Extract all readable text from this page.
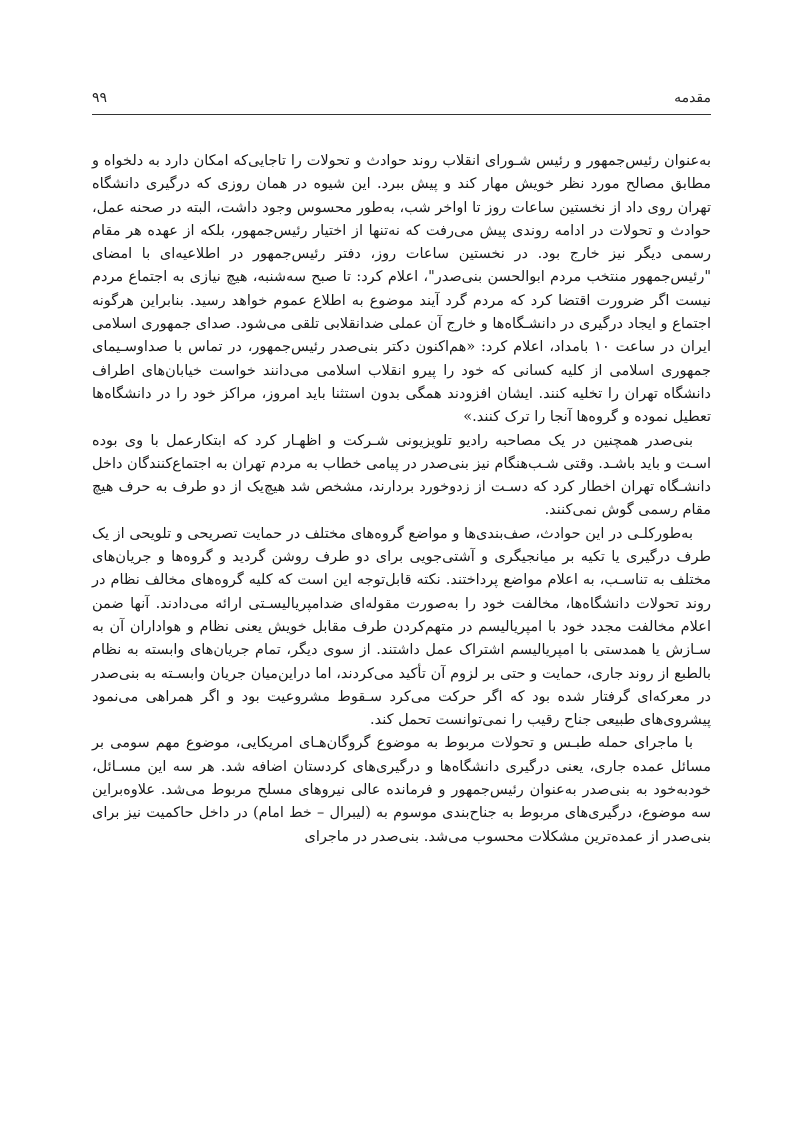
مقدمه
۹۹

به‌عنوان رئیس‌جمهور و رئیس شـورای انقلاب روند حوادث و تحولات را تاجایی‌که امکان دارد به دلخواه و مطابق مصالح مورد نظر خویش مهار کند و پیش ببرد. این شیوه در همان روزی که درگیری دانشگاه تهران روی داد از نخستین ساعات روز تا اواخر شب، به‌طور محسوس وجود داشت، البته در صحنه عمل، حوادث و تحولات در ادامه روندی پیش می‌رفت که نه‌تنها از اختیار رئیس‌جمهور، بلکه از عهده هر مقام رسمی دیگر نیز خارج بود. در نخستین ساعات روز، دفتر رئیس‌جمهور در اطلاعیه‌ای با امضای "رئیس‌جمهور منتخب مردم ابوالحسن بنی‌صدر"، اعلام کرد: تا صبح سه‌شنبه، هیچ نیازی به اجتماع مردم نیست اگر ضرورت اقتضا کرد که مردم گرد آیند موضوع به اطلاع عموم خواهد رسید. بنابراین هرگونه اجتماع و ایجاد درگیری در دانشـگاه‌ها و خارج آن عملی ضدانقلابی تلقی می‌شود. صدای جمهوری اسلامی ایران در ساعت ۱۰ بامداد، اعلام کرد: «هم‌اکنون دکتر بنی‌صدر رئیس‌جمهور، در تماس با صداوسـیمای جمهوری اسلامی از کلیه کسانی که خود را پیرو انقلاب اسلامی می‌دانند خواست خیابان‌های اطراف دانشگاه تهران را تخلیه کنند. ایشان افزودند همگی بدون استثنا باید امروز، مراکز خود را در دانشگاه‌ها تعطیل نموده و گروه‌ها آنجا را ترک کنند.»

بنی‌صدر همچنین در یک مصاحبه رادیو تلویزیونی شـرکت و اظهـار کرد که ابتکارعمل با وی بوده اسـت و باید باشـد. وقتی شـب‌هنگام نیز بنی‌صدر در پیامی خطاب به مردم تهران به اجتماع‌کنندگان داخل دانشـگاه تهران اخطار کرد که دسـت از زدوخورد بردارند، مشخص شد هیچ‌یک از دو طرف به حرف هیچ مقام رسمی گوش نمی‌کنند.

به‌طورکلـی در این حوادث، صف‌بندی‌ها و مواضع گروه‌های مختلف در حمایت تصریحی و تلویحی از یک طرف درگیری یا تکیه بر میانجیگری و آشتی‌جویی برای دو طرف روشن گردید و گروه‌ها و جریان‌های مختلف به تناسـب، به اعلام مواضع پرداختند. نکته قابل‌توجه این است که کلیه گروه‌های مخالف نظام در روند تحولات دانشگاه‌ها، مخالفت خود را به‌صورت مقوله‌ای ضدامپریالیسـتی ارائه می‌دادند. آنها ضمن اعلام مخالفت مجدد خود با امپریالیسم در متهم‌کردن طرف مقابل خویش یعنی نظام و هواداران آن به سـازش یا همدستی با امپریالیسم اشتراک عمل داشتند. از سوی دیگر، تمام جریان‌های وابسته به نظام بالطبع از روند جاری، حمایت و حتی بر لزوم آن تأکید می‌کردند، اما دراین‌میان جریان وابسـته به بنی‌صدر در معرکه‌ای گرفتار شده بود که اگر حرکت می‌کرد سـقوط مشروعیت بود و اگر همراهی می‌نمود پیشروی‌های طبیعی جناح رقیب را نمی‌توانست تحمل کند.

با ماجرای حمله طبـس و تحولات مربوط به موضوع گروگان‌هـای امریکایی، موضوع مهم سومی بر مسائل عمده جاری، یعنی درگیری دانشگاه‌ها و درگیری‌های کردستان اضافه شد. هر سه این مسـائل، خودبه‌خود به بنی‌صدر به‌عنوان رئیس‌جمهور و فرمانده عالی نیروهای مسلح مربوط می‌شد. علاوه‌براین سه موضوع، درگیری‌های مربوط به جناح‌بندی موسوم به (لیبرال – خط امام) در داخل حاکمیت نیز برای بنی‌صدر از عمده‌ترین مشکلات محسوب می‌شد. بنی‌صدر در ماجرای
